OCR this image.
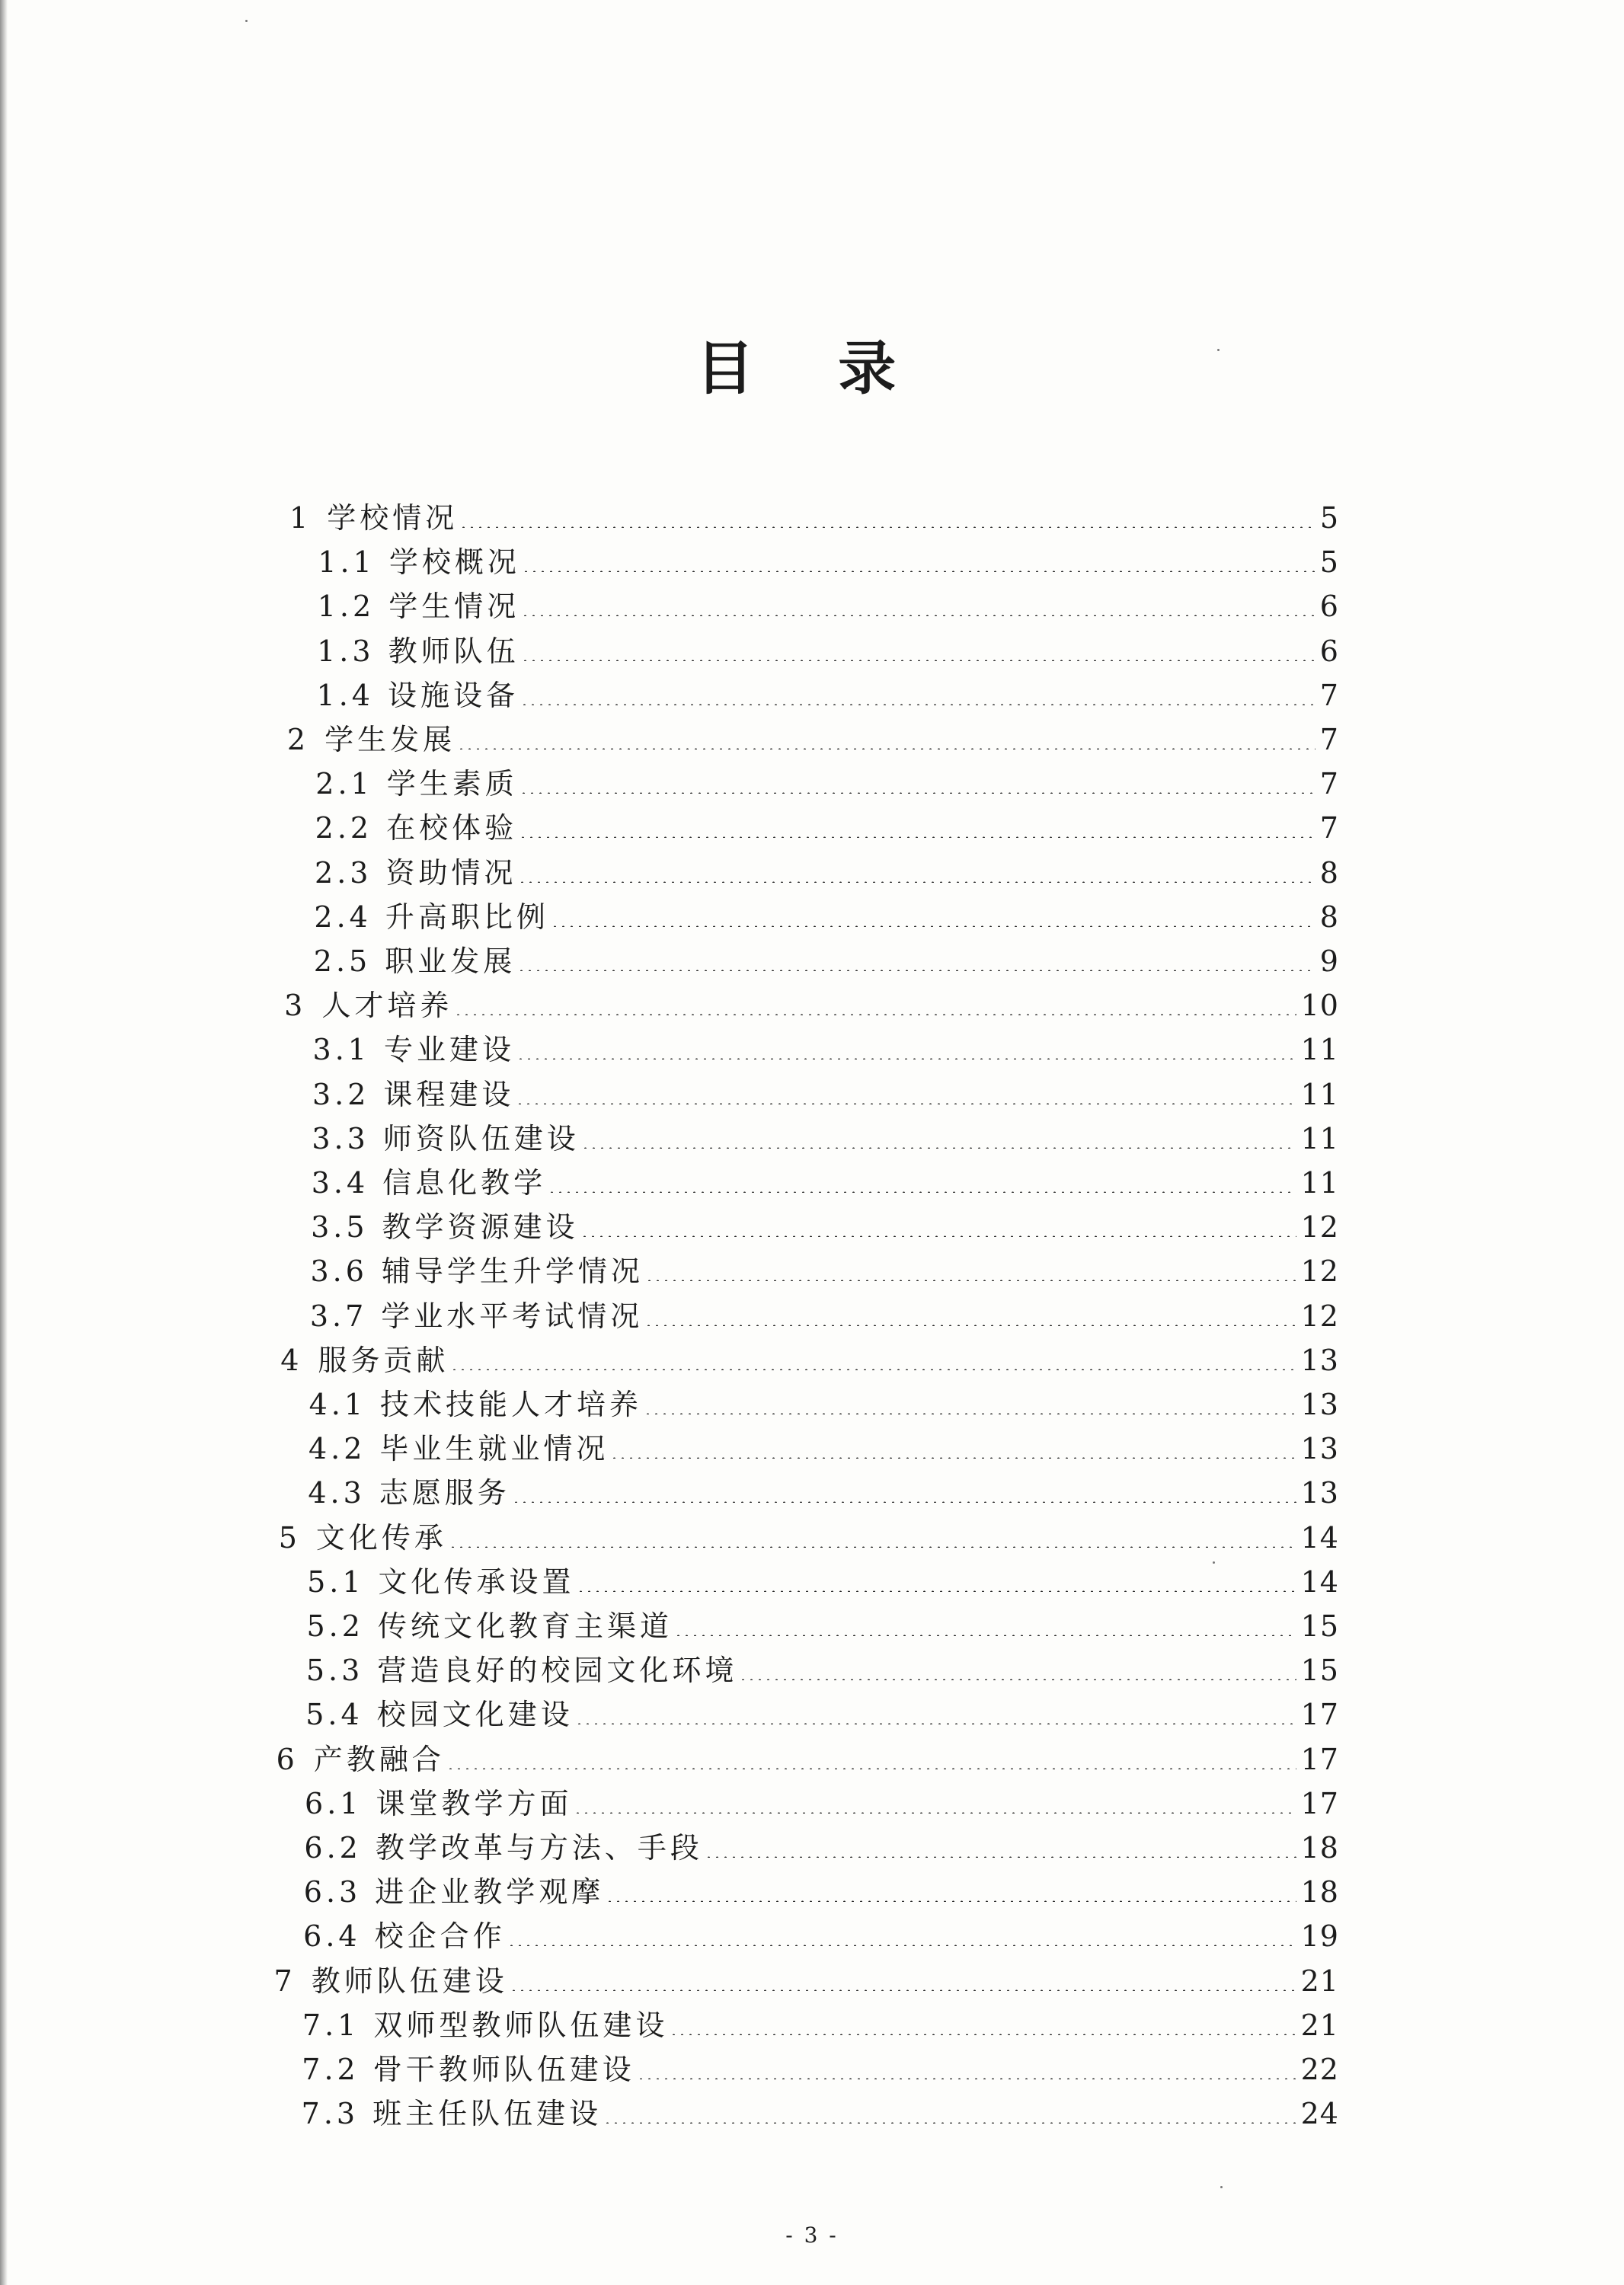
目 录
1 学校情况	5
1.1 学校概况	5
1.2 学生情况	6
1.3 教师队伍	6
1.4 设施设备	7
2 学生发展	7
2.1 学生素质	7
2.2 在校体验	7
2.3 资助情况	8
2.4 升高职比例	8
2.5 职业发展	9
3 人才培养	10
3.1 专业建设	11
3.2 课程建设	11
3.3 师资队伍建设	11
3.4 信息化教学	11
3.5 教学资源建设	12
3.6 辅导学生升学情况	12
3.7 学业水平考试情况	12
4 服务贡献	13
4.1 技术技能人才培养	13
4.2 毕业生就业情况	13
4.3 志愿服务	13
5 文化传承	14
5.1 文化传承设置	14
5.2 传统文化教育主渠道	15
5.3 营造良好的校园文化环境	15
5.4 校园文化建设	17
6 产教融合	17
6.1 课堂教学方面	17
6.2 教学改革与方法、手段	18
6.3 进企业教学观摩	18
6.4 校企合作	19
7 教师队伍建设	21
7.1 双师型教师队伍建设	21
7.2 骨干教师队伍建设	22
7.3 班主任队伍建设	24
- 3 -
